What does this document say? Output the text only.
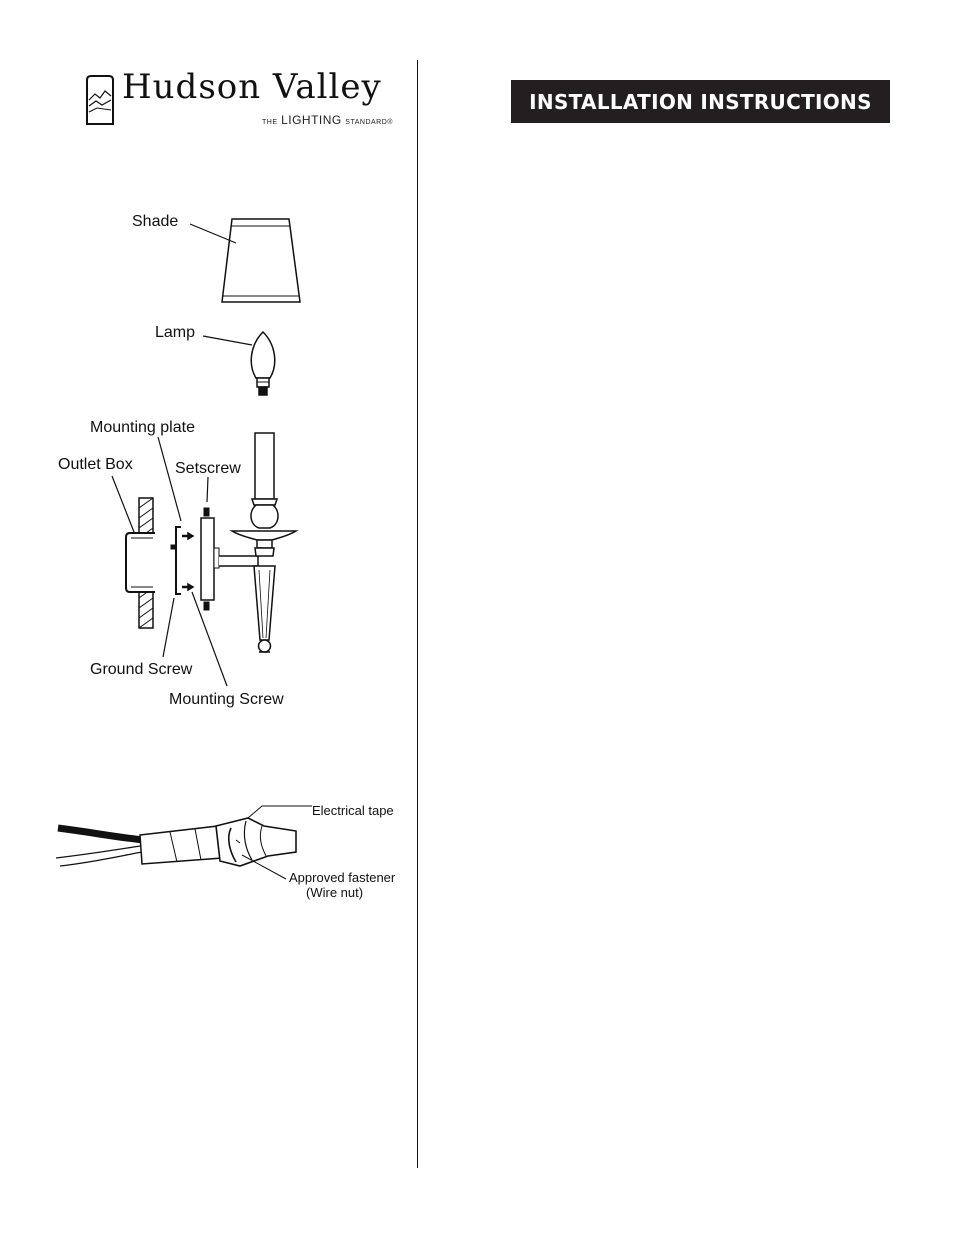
Hudson Valley
THE LIGHTING STANDARD®
INSTALLATION INSTRUCTIONS
Shade
Lamp
Mounting plate
Outlet Box	Setscrew
Ground Screw
Mounting Screw
Electrical tape
Approved fastener
(Wire nut)
